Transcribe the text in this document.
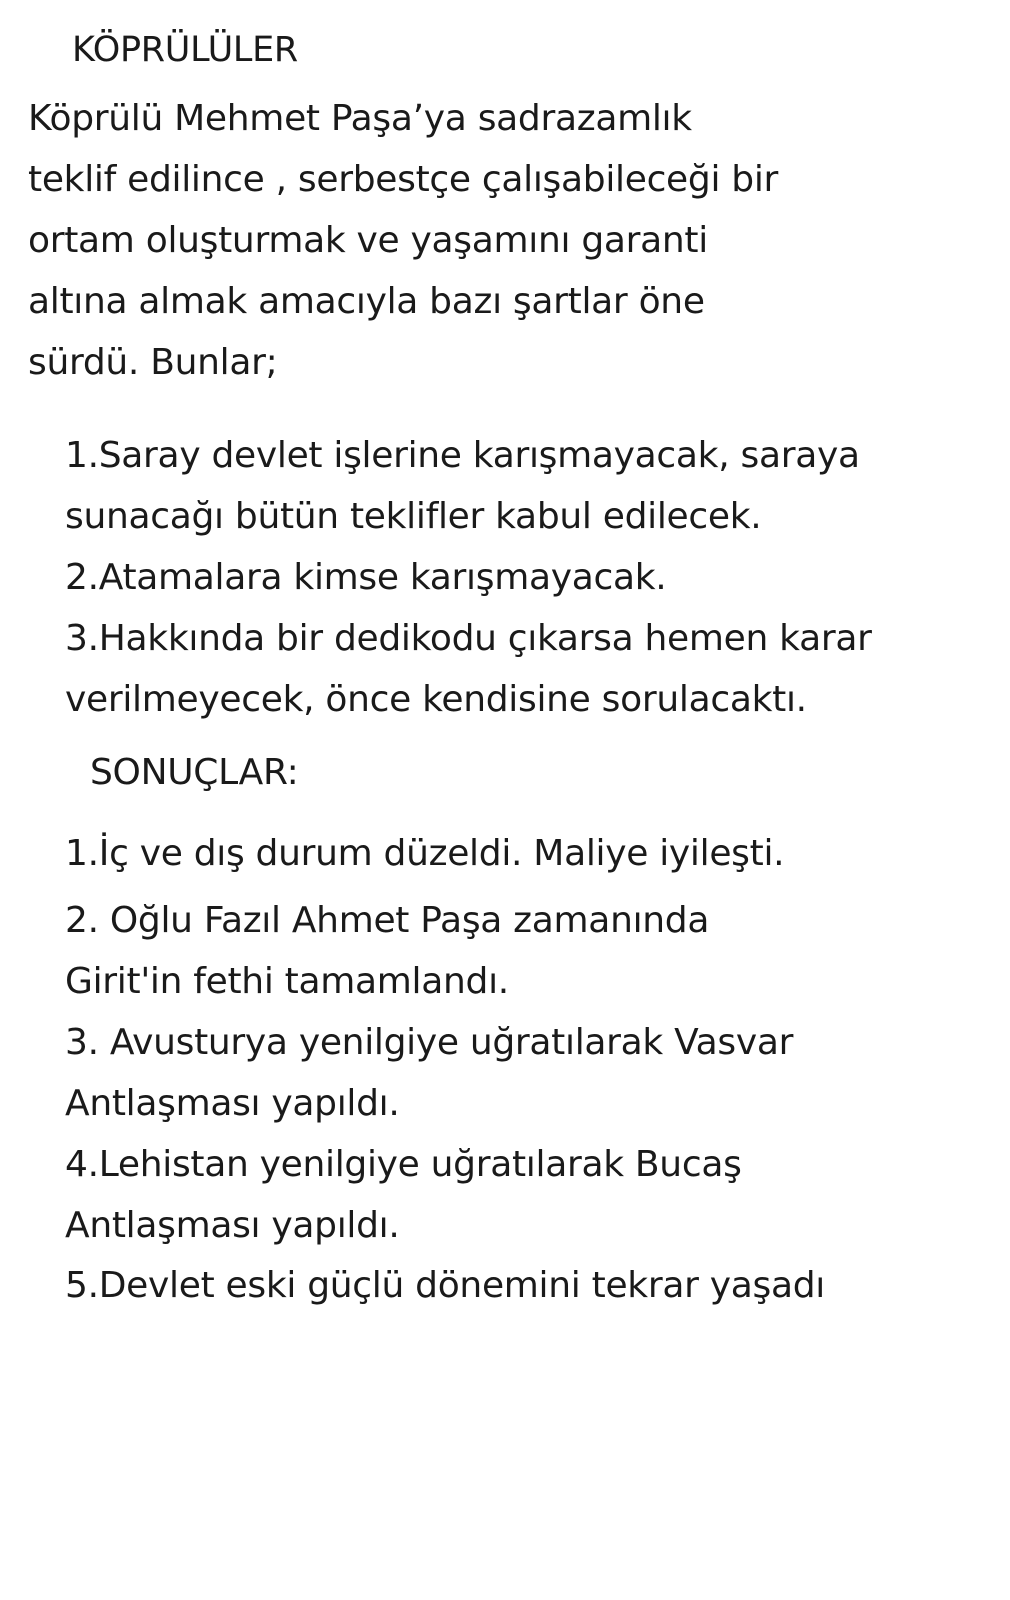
KÖPRÜLÜLER
Köprülü Mehmet Paşa’ya sadrazamlık
teklif edilince , serbestçe çalışabileceği bir
ortam oluşturmak ve yaşamını garanti
altına almak amacıyla bazı şartlar öne
sürdü. Bunlar;
1.Saray devlet işlerine karışmayacak, saraya
sunacağı bütün teklifler kabul edilecek.
2.Atamalara kimse karışmayacak.
3.Hakkında bir dedikodu çıkarsa hemen karar
verilmeyecek, önce kendisine sorulacaktı.
SONUÇLAR:
1.İç ve dış durum düzeldi. Maliye iyileşti.
2. Oğlu Fazıl Ahmet Paşa zamanında
Girit'in fethi tamamlandı.
3. Avusturya yenilgiye uğratılarak Vasvar
Antlaşması yapıldı.
4.Lehistan yenilgiye uğratılarak Bucaş
Antlaşması yapıldı.
5.Devlet eski güçlü dönemini tekrar yaşadı
